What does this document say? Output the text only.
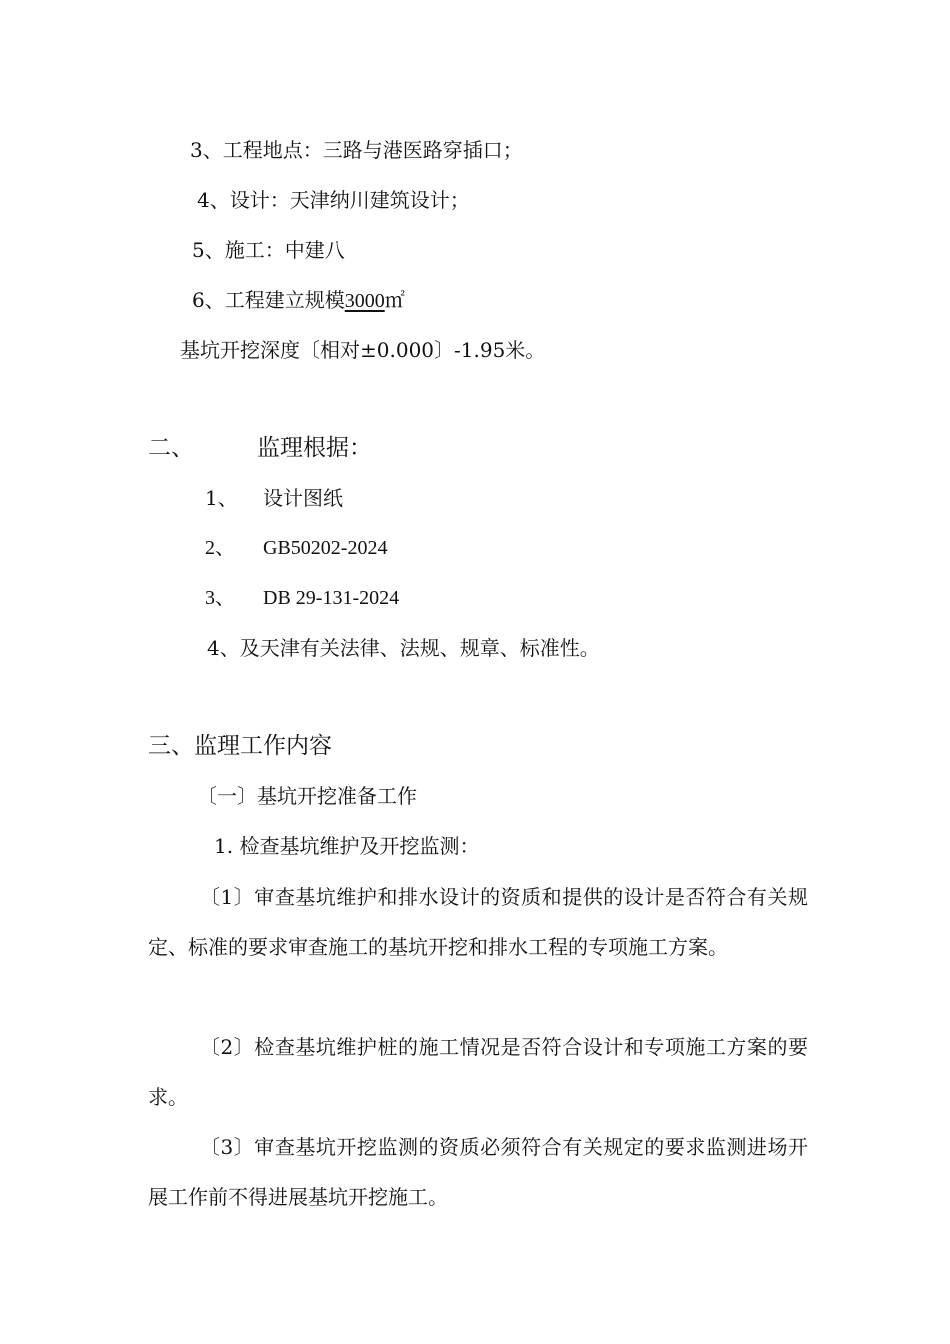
3、工程地点：三路与港医路穿插口；
4、设计：天津纳川建筑设计；
5、施工：中建八
6、工程建立规模3000㎡
基坑开挖深度〔相对±0.000〕-1.95米。
二、	监理根据：
1、 设计图纸
2、 GB50202-2024
3、 DB 29-131-2024
4、及天津有关法律、法规、规章、标准性。
三、监理工作内容
〔一〕基坑开挖准备工作
1. 检查基坑维护及开挖监测：
〔1〕审查基坑维护和排水设计的资质和提供的设计是否符合有关规定、标准的要求审查施工的基坑开挖和排水工程的专项施工方案。
〔2〕检查基坑维护桩的施工情况是否符合设计和专项施工方案的要求。
〔3〕审查基坑开挖监测的资质必须符合有关规定的要求监测进场开展工作前不得进展基坑开挖施工。
